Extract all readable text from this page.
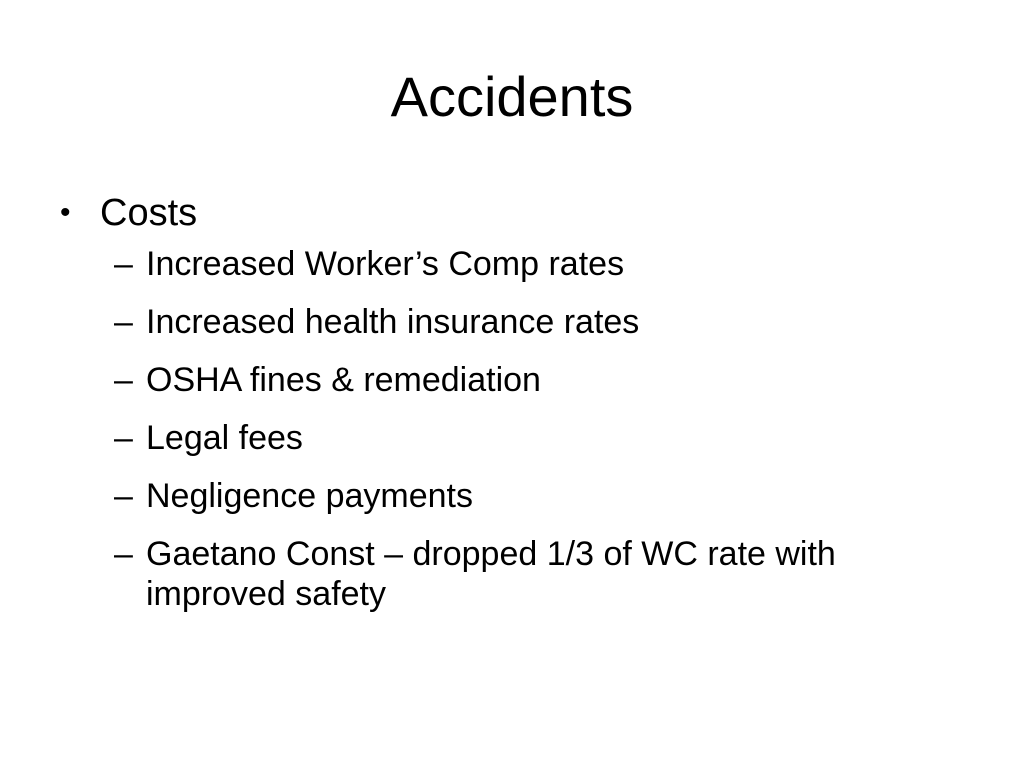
Accidents
• Costs
– Increased Worker’s Comp rates
– Increased health insurance rates
– OSHA fines & remediation
– Legal fees
– Negligence payments
– Gaetano Const – dropped 1/3 of WC rate with improved safety
